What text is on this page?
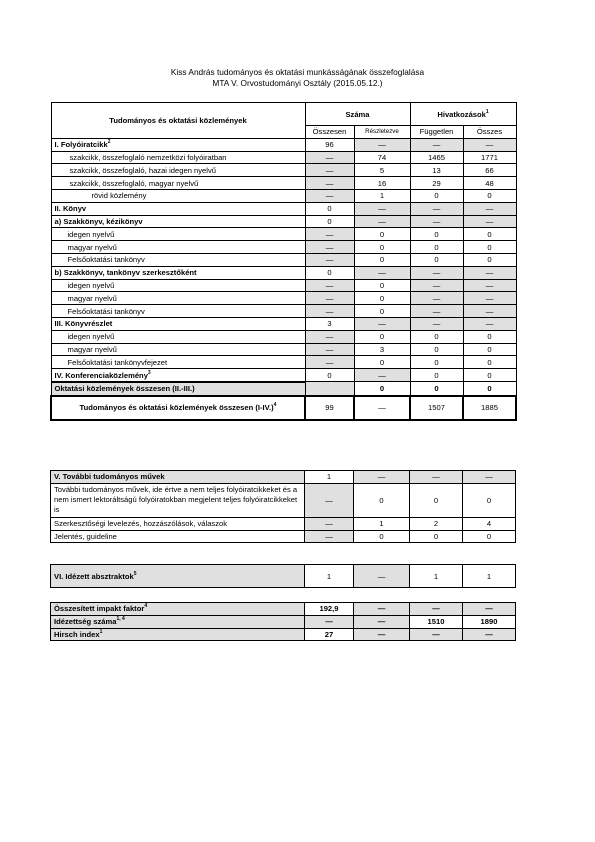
Kiss András tudományos és oktatási munkásságának összefoglalása
MTA V. Orvostudományi Osztály (2015.05.12.)
Tudományos és oktatási közlemények	Száma		Hivatkozások$^1$
	Összesen	Részletezve	Független	Összes
I. Folyóiratcikk$^2$	96	—	—	—
szakcikk, összefoglaló nemzetközi folyóiratban	—	74	1465	1771
szakcikk, összefoglaló, hazai idegen nyelvű	—	5	13	66
szakcikk, összefoglaló, magyar nyelvű	—	16	29	48
rövid közlemény	—	1	0	0
II. Könyv	0	—	—	—
a) Szakkönyv, kézikönyv	0	—	—	—
idegen nyelvű	—	0	0	0
magyar nyelvű	—	0	0	0
Felsőoktatási tankönyv	—	0	0	0
b) Szakkönyv, tankönyv szerkesztőként	0	—	—	—
idegen nyelvű	—	0	—	—
magyar nyelvű	—	0	—	—
Felsőoktatási tankönyv	—	0	—	—
III. Könyvrészlet	3	—	—	—
idegen nyelvű	—	0	0	0
magyar nyelvű	—	3	0	0
Felsőoktatási tankönyvfejezet	—	0	0	0
IV. Konferenciaközlemény$^3$	0	—	0	0
Oktatási közlemények összesen (II.-III.)		0	0	0
Tudományos és oktatási közlemények összesen $(I-IV.)^4$	99	—	1507	1885
V. További tudományos művek	1	—	—	—
További tudományos művek, ide értve a nem teljes folyóiratcikkeket és a nem ismert lektoráltságú folyóiratokban megjelent teljes folyóiratcikkeket is	—	0	0	0
Szerkesztőségi levelezés, hozzászólások, válaszok	—	1	2	4
Jelentés, guideline	—	0	0	0
VI. Idézett absztraktok$^5$	1	—	1	1
Összesített impakt faktor$^4$	192,9	—	—	—
Idézettség száma$^{1, 4}$	—	—	1510	1890
Hirsch index$^1$	27	—	—	—
